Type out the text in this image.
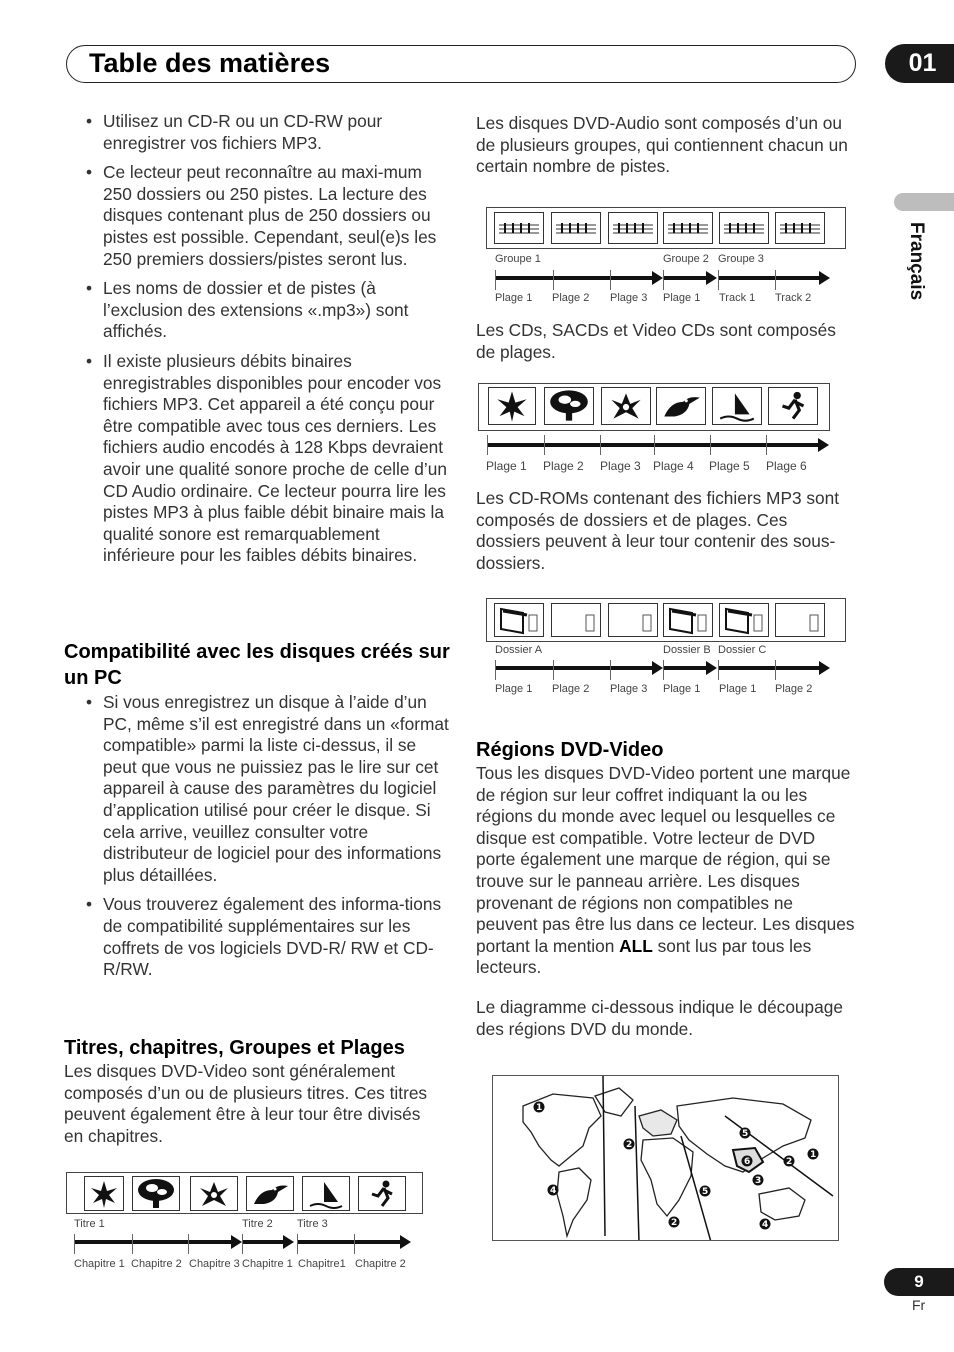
Table des matières	01
Français
• Utilisez un CD-R ou un CD-RW pour enregistrer vos fichiers MP3.
• Ce lecteur peut reconnaître au maxi-mum 250 dossiers ou 250 pistes. La lecture des disques contenant plus de 250 dossiers ou pistes est possible. Cependant, seul(e)s les 250 premiers dossiers/pistes seront lus.
• Les noms de dossier et de pistes (à l’exclusion des extensions «.mp3») sont affichés.
• Il existe plusieurs débits binaires enregistrables disponibles pour encoder vos fichiers MP3. Cet appareil a été conçu pour être compatible avec tous ces derniers. Les fichiers audio encodés à 128 Kbps devraient avoir une qualité sonore proche de celle d’un CD Audio ordinaire. Ce lecteur pourra lire les pistes MP3 à plus faible débit binaire mais la qualité sonore est remarquablement inférieure pour les faibles débits binaires.
Compatibilité avec les disques créés sur un PC
• Si vous enregistrez un disque à l’aide d’un PC, même s’il est enregistré dans un «format compatible» parmi la liste ci-dessus, il se peut que vous ne puissiez pas le lire sur cet appareil à cause des paramètres du logiciel d’application utilisé pour créer le disque. Si cela arrive, veuillez consulter votre distributeur de logiciel pour des informations plus détaillées.
• Vous trouverez également des informa-tions de compatibilité supplémentaires sur les coffrets de vos logiciels DVD-R/ RW et CD-R/RW.
Titres, chapitres, Groupes et Plages
Les disques DVD-Video sont généralement composés d’un ou de plusieurs titres. Ces titres peuvent également être à leur tour être divisés en chapitres.
Titre 1	Titre 2 Titre 3
Chapitre 1 Chapitre 2 Chapitre 3 Chapitre 1 Chapitre1 Chapitre 2
Les disques DVD-Audio sont composés d’un ou de plusieurs groupes, qui contiennent chacun un certain nombre de pistes.
Groupe 1	Groupe 2 Groupe 3
Plage 1 Plage 2 Plage 3 Plage 1 Track 1 Track 2
Les CDs, SACDs et Video CDs sont composés de plages.
Plage 1 Plage 2 Plage 3 Plage 4 Plage 5 Plage 6
Les CD-ROMs contenant des fichiers MP3 sont composés de dossiers et de plages. Ces dossiers peuvent à leur tour contenir des sous-dossiers.
Dossier A	Dossier B Dossier C
Plage 1 Plage 2 Plage 3 Plage 1 Plage 1 Plage 2
Régions DVD-Video
Tous les disques DVD-Video portent une marque de région sur leur coffret indiquant la ou les régions du monde avec lequel ou lesquelles ce disque est compatible. Votre lecteur de DVD porte également une marque de région, qui se trouve sur le panneau arrière. Les disques provenant de régions non compatibles ne peuvent pas être lus dans ce lecteur. Les disques portant la mention ALL sont lus par tous les lecteurs.
Le diagramme ci-dessous indique le découpage des régions DVD du monde.
1
2
5
6	2
1
4	5
3
2	4
9
Fr
